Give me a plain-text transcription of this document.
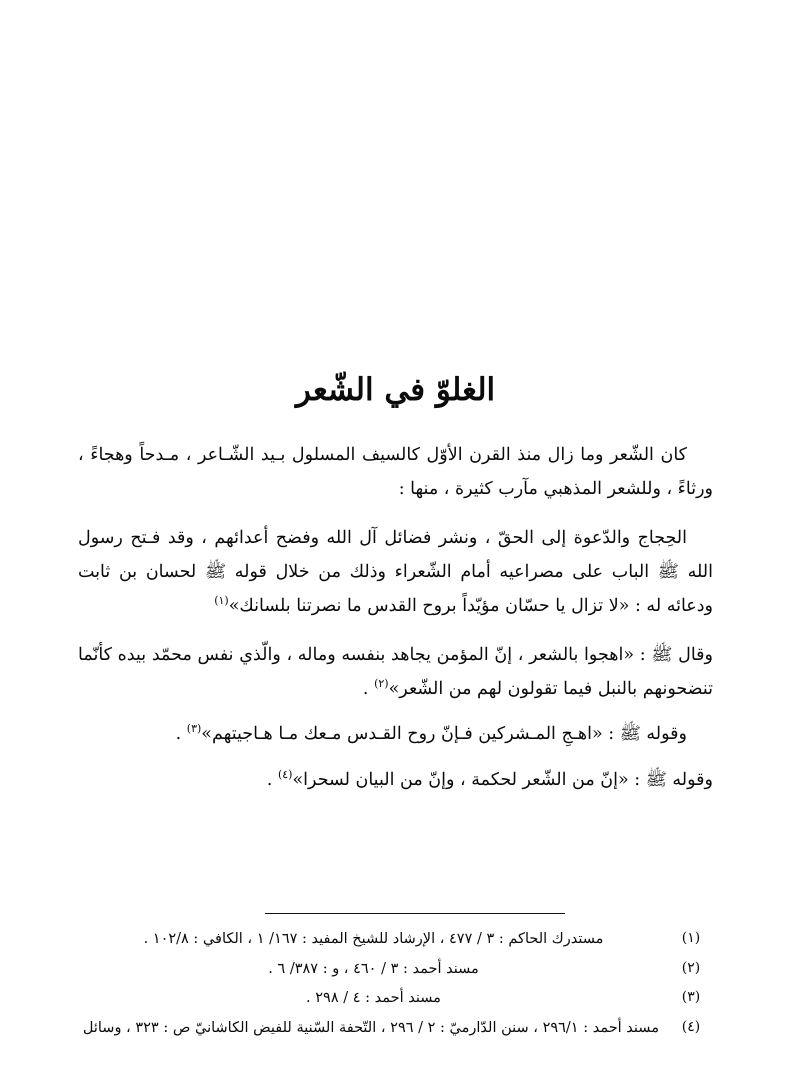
الغلوّ في الشّعر

كان الشّعر وما زال منذ القرن الأوّل كالسيف المسلول بـيد الشّـاعر ، مـدحاً وهجاءً ، ورثاءً ، وللشعر المذهبي مآرب كثيرة ، منها :

الحِجاج والدّعوة إلى الحقّ ، ونشر فضائل آل الله وفضح أعدائهم ، وقد فـتح رسول الله ﷺ الباب على مصراعيه أمام الشّعراء وذلك من خلال قوله ﷺ لحسان بن ثابت ودعائه له : «لا تزال يا حسّان مؤيّداً بروح القدس ما نصرتنا بلسانك»$^{(١)}$

وقال ﷺ : «اهجوا بالشعر ، إنّ المؤمن يجاهد بنفسه وماله ، والّذي نفس محمّد بيده كأنّما تنضحونهم بالنبل فيما تقولون لهم من الشّعر»$^{(٢)}$ .

وقوله ﷺ : «اهـجِ المـشركين فـإنّ روح القـدس مـعك مـا هـاجيتهم»$^{(٣)}$ .

وقوله ﷺ : «إنّ من الشّعر لحكمة ، وإنّ من البيان لسحرا»$^{(٤)}$ .

(١)
مستدرك الحاكم : ٣ / ٤٧٧ ، الإرشاد للشيخ المفيد : ١٦٧/ ١ ، الكافي : ١٠٢/٨ .
(٢)
مسند أحمد : ٣ / ٤٦٠ ، و : ٣٨٧/ ٦ .
(٣)
مسند أحمد : ٤ / ٢٩٨ .
(٤)
مسند أحمد : ٢٩٦/١ ، سنن الدّارميّ : ٢ / ٢٩٦ ، التّحفة السّنية للفيض الكاشانيّ ص : ٣٢٣ ، وسائل
